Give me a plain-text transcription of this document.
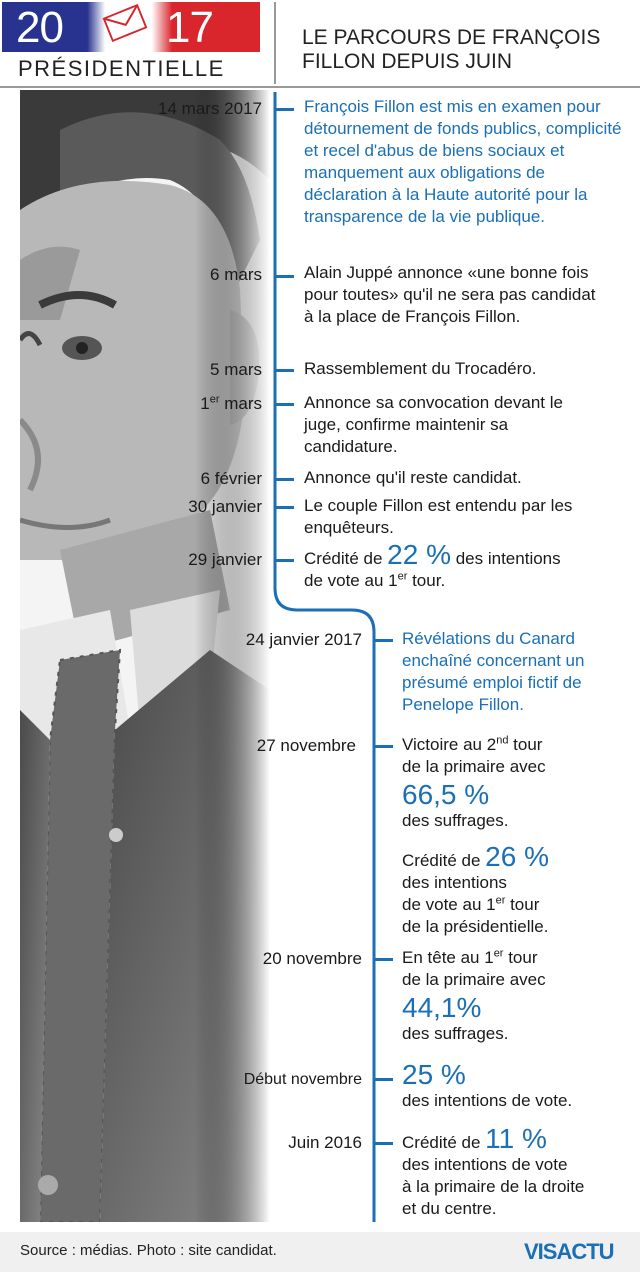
20 17
PRÉSIDENTIELLE
LE PARCOURS DE FRANÇOIS FILLON DEPUIS JUIN
14 mars 2017 François Fillon est mis en examen pour détournement de fonds publics, complicité et recel d'abus de biens sociaux et manquement aux obligations de déclaration à la Haute autorité pour la transparence de la vie publique.
6 mars Alain Juppé annonce «une bonne fois pour toutes» qu'il ne sera pas candidat à la place de François Fillon.
5 mars Rassemblement du Trocadéro.
1er mars Annonce sa convocation devant le juge, confirme maintenir sa candidature.
6 février Annonce qu'il reste candidat.
30 janvier Le couple Fillon est entendu par les enquêteurs.
29 janvier Crédité de 22 % des intentions
de vote au 1er tour.
24 janvier 2017 Révélations du Canard enchaîné concernant un présumé emploi fictif de Penelope Fillon.
27 novembre	Victoire au 2nd tour
de la primaire avec
66,5 %
des suffrages.
Crédité de 26 %
des intentions
de vote au 1er tour
de la présidentielle.
20 novembre En tête au 1er tour
de la primaire avec
44,1%
des suffrages.
Début novembre 25 %
des intentions de vote.
Juin 2016 Crédité de 11 %
des intentions de vote
à la primaire de la droite
et du centre.
Source : médias. Photo : site candidat.	VISACTU
